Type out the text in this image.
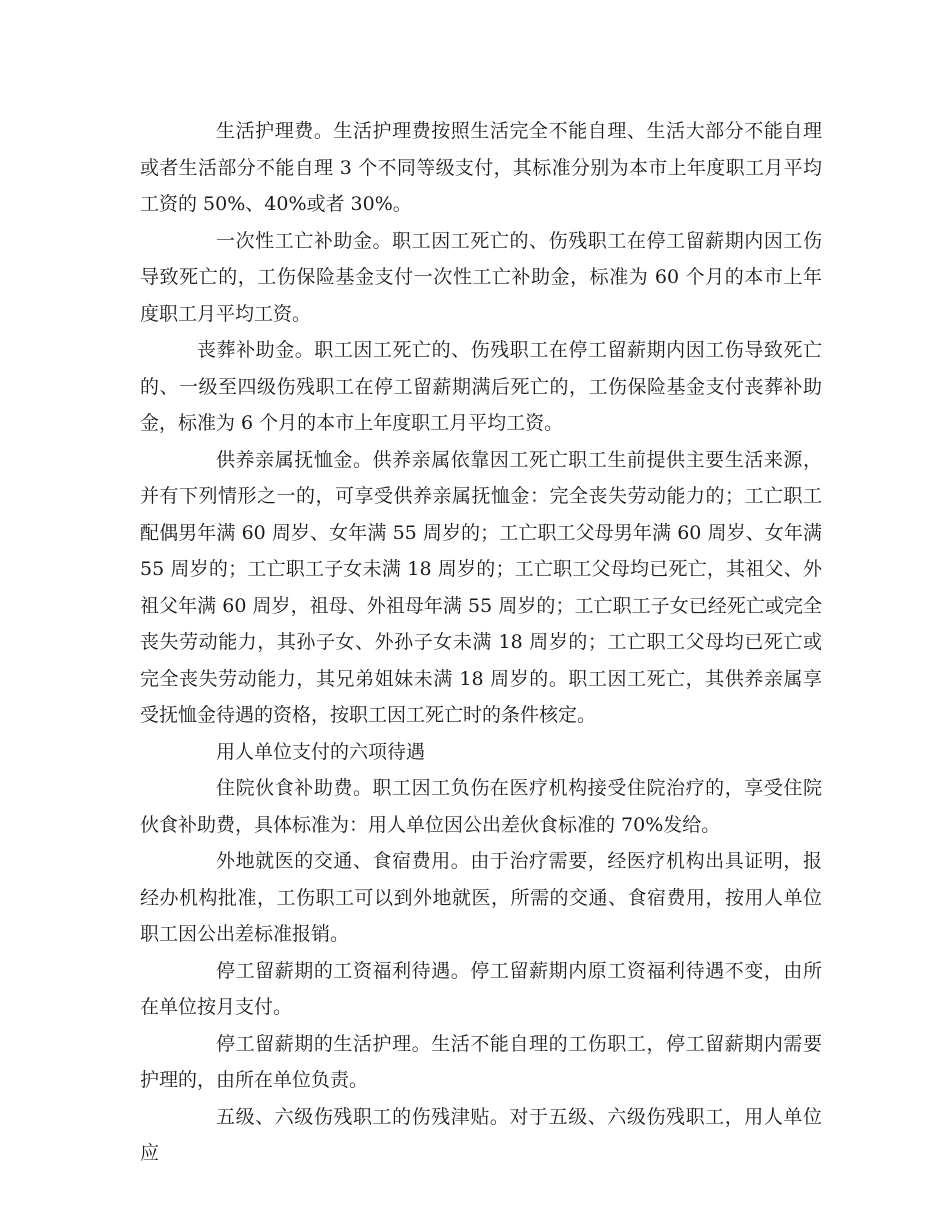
生活护理费。生活护理费按照生活完全不能自理、生活大部分不能自理或者生活部分不能自理 3 个不同等级支付，其标准分别为本市上年度职工月平均工资的 50%、40%或者 30%。

一次性工亡补助金。职工因工死亡的、伤残职工在停工留薪期内因工伤导致死亡的，工伤保险基金支付一次性工亡补助金，标准为 60 个月的本市上年度职工月平均工资。

丧葬补助金。职工因工死亡的、伤残职工在停工留薪期内因工伤导致死亡的、一级至四级伤残职工在停工留薪期满后死亡的，工伤保险基金支付丧葬补助金，标准为 6 个月的本市上年度职工月平均工资。

供养亲属抚恤金。供养亲属依靠因工死亡职工生前提供主要生活来源，并有下列情形之一的，可享受供养亲属抚恤金：完全丧失劳动能力的；工亡职工配偶男年满 60 周岁、女年满 55 周岁的；工亡职工父母男年满 60 周岁、女年满 55 周岁的；工亡职工子女未满 18 周岁的；工亡职工父母均已死亡，其祖父、外祖父年满 60 周岁，祖母、外祖母年满 55 周岁的；工亡职工子女已经死亡或完全丧失劳动能力，其孙子女、外孙子女未满 18 周岁的；工亡职工父母均已死亡或完全丧失劳动能力，其兄弟姐妹未满 18 周岁的。职工因工死亡，其供养亲属享受抚恤金待遇的资格，按职工因工死亡时的条件核定。

用人单位支付的六项待遇

住院伙食补助费。职工因工负伤在医疗机构接受住院治疗的，享受住院伙食补助费，具体标准为：用人单位因公出差伙食标准的 70%发给。

外地就医的交通、食宿费用。由于治疗需要，经医疗机构出具证明，报经办机构批准，工伤职工可以到外地就医，所需的交通、食宿费用，按用人单位职工因公出差标准报销。

停工留薪期的工资福利待遇。停工留薪期内原工资福利待遇不变，由所在单位按月支付。

停工留薪期的生活护理。生活不能自理的工伤职工，停工留薪期内需要护理的，由所在单位负责。

五级、六级伤残职工的伤残津贴。对于五级、六级伤残职工，用人单位应
